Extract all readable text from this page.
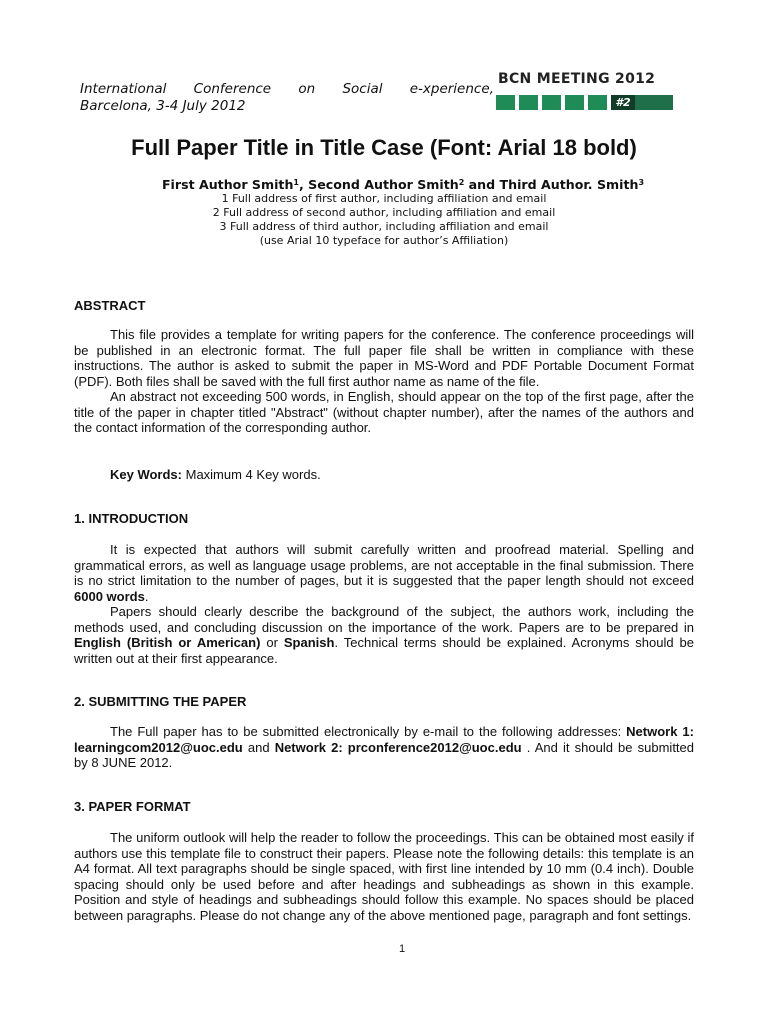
International Conference on Social e-xperience,
Barcelona, 3-4 July 2012
BCN MEETING 2012
#2
Full Paper Title in Title Case (Font: Arial 18 bold)
First Author Smith$^1$, Second Author Smith$^2$ and Third Author. Smith$^3$
1 Full address of first author, including affiliation and email
2 Full address of second author, including affiliation and email
3 Full address of third author, including affiliation and email
(use Arial 10 typeface for author’s Affiliation)
ABSTRACT

This file provides a template for writing papers for the conference. The conference proceedings will be published in an electronic format. The full paper file shall be written in compliance with these instructions. The author is asked to submit the paper in MS-Word and PDF Portable Document Format (PDF). Both files shall be saved with the full first author name as name of the file.

An abstract not exceeding 500 words, in English, should appear on the top of the first page, after the title of the paper in chapter titled "Abstract" (without chapter number), after the names of the authors and the contact information of the corresponding author.

Key Words: Maximum 4 Key words.
1. INTRODUCTION

It is expected that authors will submit carefully written and proofread material. Spelling and grammatical errors, as well as language usage problems, are not acceptable in the final submission. There is no strict limitation to the number of pages, but it is suggested that the paper length should not exceed 6000 words.

Papers should clearly describe the background of the subject, the authors work, including the methods used, and concluding discussion on the importance of the work. Papers are to be prepared in English (British or American) or Spanish. Technical terms should be explained. Acronyms should be written out at their first appearance.

2. SUBMITTING THE PAPER

The Full paper has to be submitted electronically by e-mail to the following addresses: Network 1: learningcom2012@uoc.edu and Network 2: prconference2012@uoc.edu . And it should be submitted by 8 JUNE 2012.

3. PAPER FORMAT

The uniform outlook will help the reader to follow the proceedings. This can be obtained most easily if authors use this template file to construct their papers. Please note the following details: this template is an A4 format. All text paragraphs should be single spaced, with first line intended by 10 mm (0.4 inch). Double spacing should only be used before and after headings and subheadings as shown in this example. Position and style of headings and subheadings should follow this example. No spaces should be placed between paragraphs. Please do not change any of the above mentioned page, paragraph and font settings.

1
